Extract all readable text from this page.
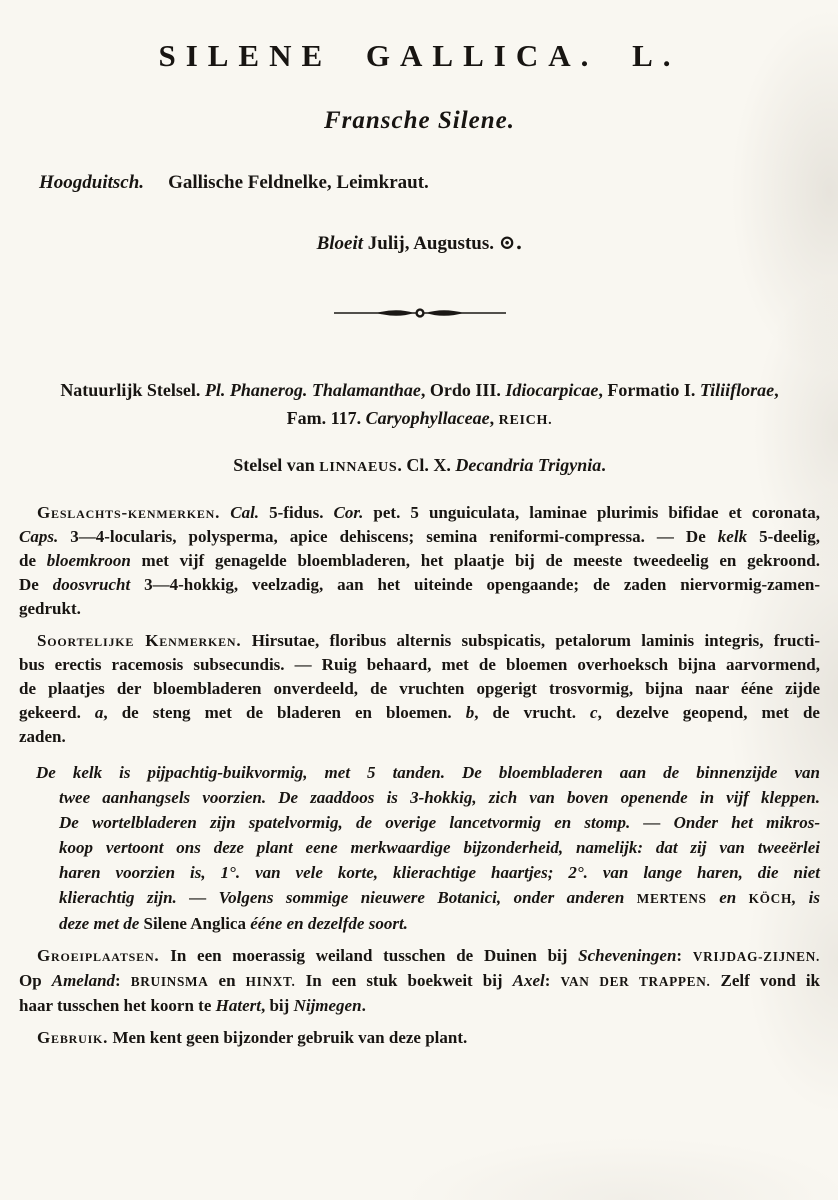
SILENE GALLICA. L.
Fransche Silene.
Hoogduitsch. Gallische Feldnelke, Leimkraut.
Bloeit Julij, Augustus. ⊙.
Natuurlijk Stelsel. Pl. Phanerog. Thalamanthae, Ordo III. Idiocarpicae, Formatio I. Tiliiflorae,
Fam. 117. Caryophyllaceae, REICH.
Stelsel van LINNAEUS. Cl. X. Decandria Trigynia.
Geslachts-kenmerken. Cal. 5-fidus. Cor. pet. 5 unguiculata, laminae plurimis bifidae et coronata,
Caps. 3—4-locularis, polysperma, apice dehiscens; semina reniformi-compressa. — De kelk 5-deelig,
de bloemkroon met vijf genagelde bloembladeren, het plaatje bij de meeste tweedeelig en gekroond.
De doosvrucht 3—4-hokkig, veelzadig, aan het uiteinde opengaande; de zaden niervormig-zamen-
gedrukt.
Soortelijke Kenmerken. Hirsutae, floribus alternis subspicatis, petalorum laminis integris, fructi-
bus erectis racemosis subsecundis. — Ruig behaard, met de bloemen overhoeksch bijna aarvormend,
de plaatjes der bloembladeren onverdeeld, de vruchten opgerigt trosvormig, bijna naar ééne zijde
gekeerd. a, de steng met de bladeren en bloemen. b, de vrucht. c, dezelve geopend, met de
zaden.
De kelk is pijpachtig-buikvormig, met 5 tanden. De bloembladeren aan de binnenzijde van
twee aanhangsels voorzien. De zaaddoos is 3-hokkig, zich van boven openende in vijf kleppen.
De wortelbladeren zijn spatelvormig, de overige lancetvormig en stomp. — Onder het mikros-
koop vertoont ons deze plant eene merkwaardige bijzonderheid, namelijk: dat zij van tweeërlei
haren voorzien is, 1°. van vele korte, klierachtige haartjes; 2°. van lange haren, die niet
klierachtig zijn. — Volgens sommige nieuwere Botanici, onder anderen MERTENS en KÖCH, is
deze met de Silene Anglica ééne en dezelfde soort.
Groeiplaatsen. In een moerassig weiland tusschen de Duinen bij Scheveningen: VRIJDAG-ZIJNEN.
Op Ameland: BRUINSMA en HINXT. In een stuk boekweit bij Axel: VAN DER TRAPPEN. Zelf vond ik
haar tusschen het koorn te Hatert, bij Nijmegen.
Gebruik. Men kent geen bijzonder gebruik van deze plant.
